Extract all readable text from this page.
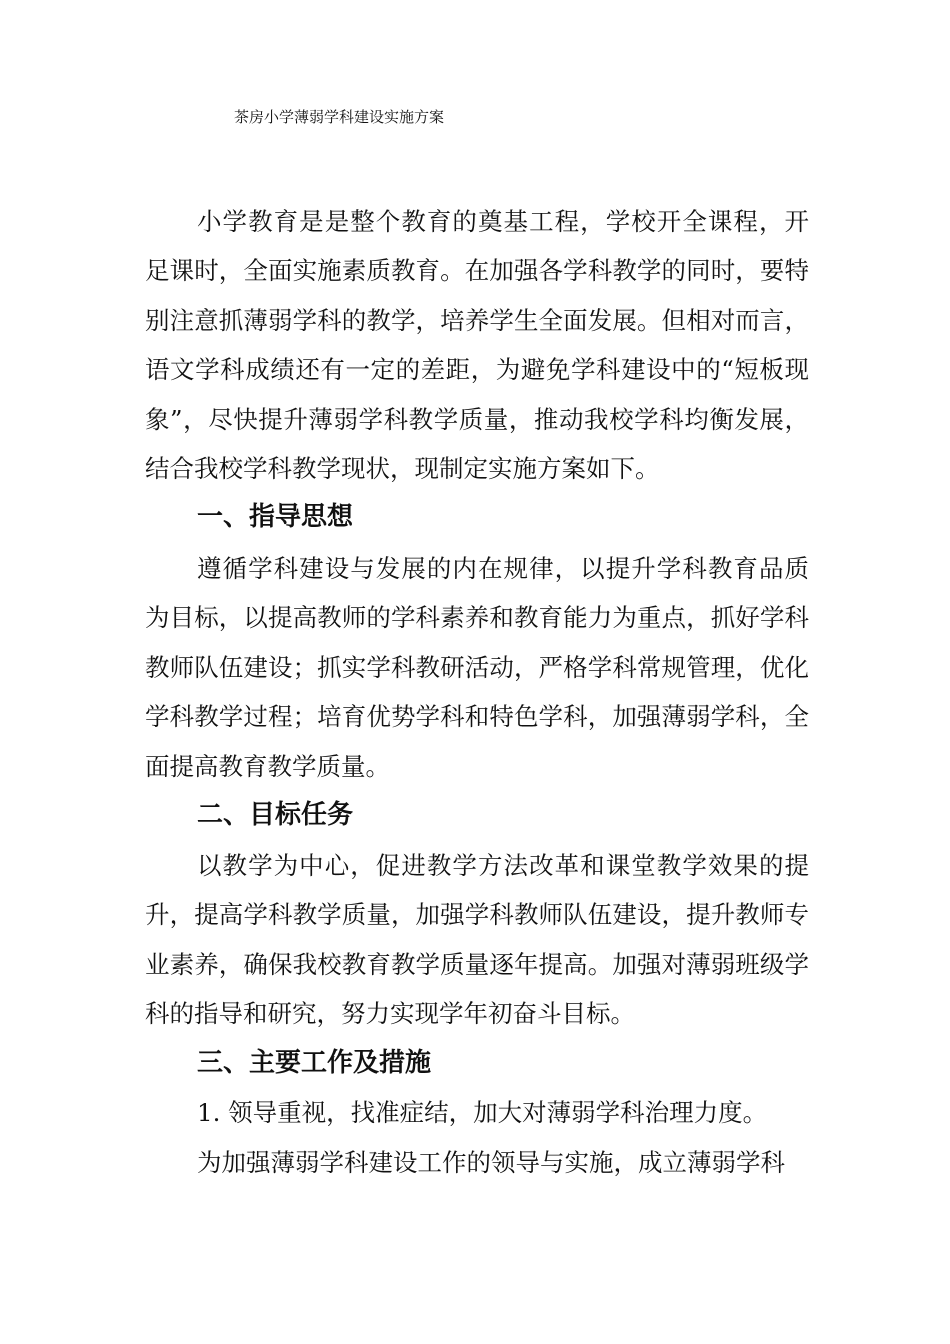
茶房小学薄弱学科建设实施方案

小学教育是是整个教育的奠基工程，学校开全课程，开足课时，全面实施素质教育。在加强各学科教学的同时，要特别注意抓薄弱学科的教学，培养学生全面发展。但相对而言，语文学科成绩还有一定的差距，为避免学科建设中的“短板现象”，尽快提升薄弱学科教学质量，推动我校学科均衡发展，结合我校学科教学现状，现制定实施方案如下。

一、指导思想

遵循学科建设与发展的内在规律，以提升学科教育品质为目标，以提高教师的学科素养和教育能力为重点，抓好学科教师队伍建设；抓实学科教研活动，严格学科常规管理，优化学科教学过程；培育优势学科和特色学科，加强薄弱学科，全面提高教育教学质量。

二、目标任务

以教学为中心，促进教学方法改革和课堂教学效果的提升，提高学科教学质量，加强学科教师队伍建设，提升教师专业素养，确保我校教育教学质量逐年提高。加强对薄弱班级学科的指导和研究，努力实现学年初奋斗目标。

三、主要工作及措施

1. 领导重视，找准症结，加大对薄弱学科治理力度。

为加强薄弱学科建设工作的领导与实施，成立薄弱学科
